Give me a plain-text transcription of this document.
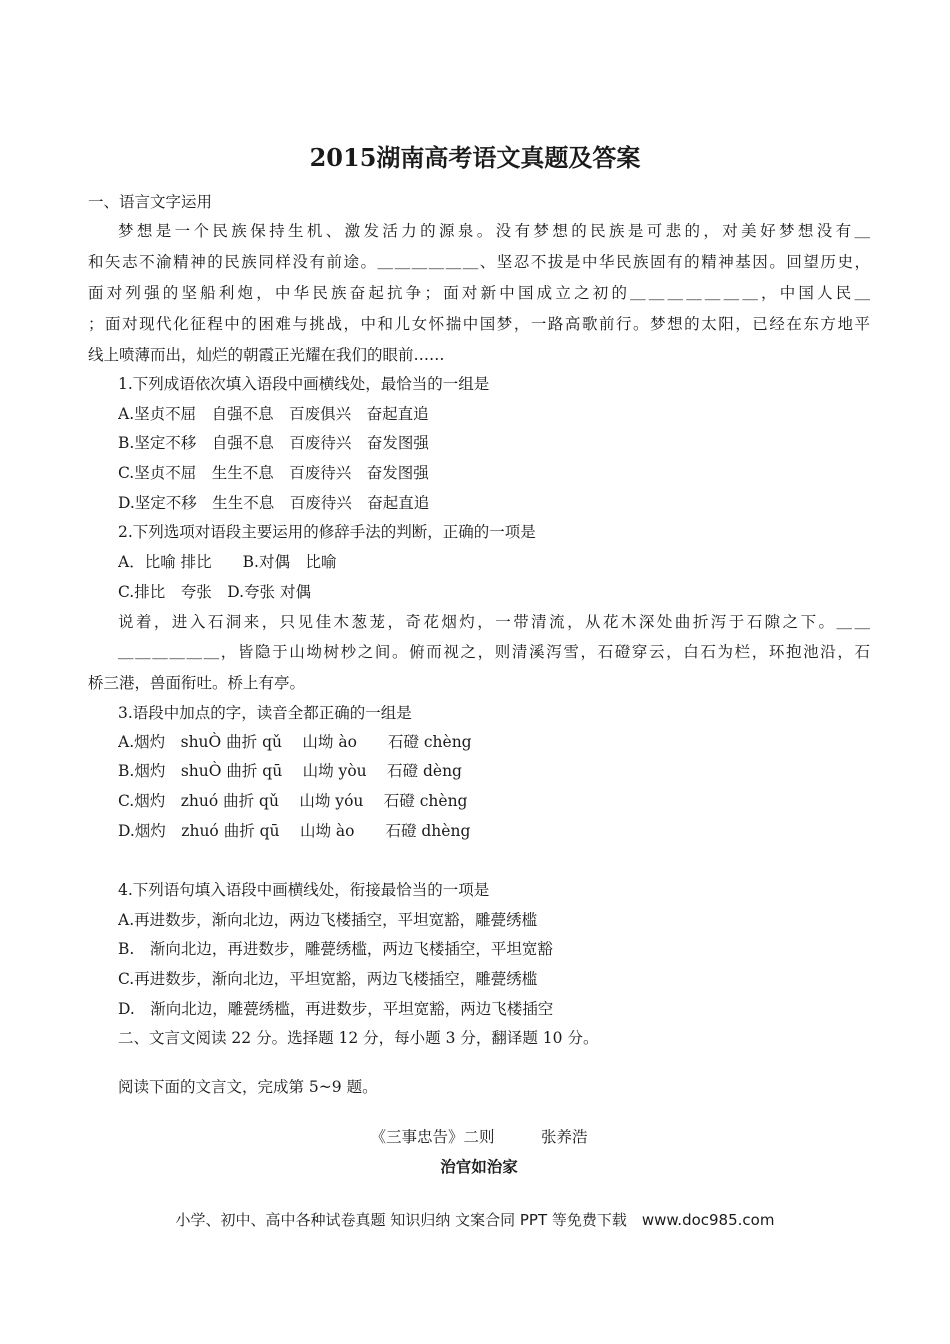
2015湖南高考语文真题及答案
一、语言文字运用
梦想是一个民族保持生机、激发活力的源泉。没有梦想的民族是可悲的，对美好梦想没有＿
和矢志不渝精神的民族同样没有前途。＿＿＿＿＿＿、坚忍不拔是中华民族固有的精神基因。回望历史，
面对列强的坚船利炮，中华民族奋起抗争；面对新中国成立之初的＿＿＿＿＿＿＿，中国人民＿
；面对现代化征程中的困难与挑战，中和儿女怀揣中国梦，一路高歌前行。梦想的太阳，已经在东方地平
线上喷薄而出，灿烂的朝霞正光耀在我们的眼前……
1.下列成语依次填入语段中画横线处，最恰当的一组是
A.坚贞不屈　自强不息　百废俱兴　奋起直追
B.坚定不移　自强不息　百废待兴　奋发图强
C.坚贞不屈　生生不息　百废待兴　奋发图强
D.坚定不移　生生不息　百废待兴　奋起直追
2.下列选项对语段主要运用的修辞手法的判断，正确的一项是
A．比喻 排比　　B.对偶　比喻
C.排比　夸张　D.夸张 对偶
说着，进入石洞来，只见佳木葱茏，奇花烟灼，一带清流，从花木深处曲折泻于石隙之下。＿＿
＿＿＿＿＿＿，皆隐于山坳树杪之间。俯而视之，则清溪泻雪，石磴穿云，白石为栏，环抱池沿，石
桥三港，兽面衔吐。桥上有亭。
3.语段中加点的字，读音全都正确的一组是
A.烟灼　shuÒ 曲折 qǔ　 山坳 ào　　石磴 chèng
B.烟灼　shuÒ 曲折 qū　 山坳 yòu　 石磴 dèng
C.烟灼　zhuó 曲折 qǔ　 山坳 yóu　 石磴 chèng
D.烟灼　zhuó 曲折 qū　 山坳 ào　　石磴 dhèng
4.下列语句填入语段中画横线处，衔接最恰当的一项是
A.再进数步，渐向北边，两边飞楼插空，平坦宽豁，雕甍绣槛
B.　渐向北边，再进数步，雕甍绣槛，两边飞楼插空，平坦宽豁
C.再进数步，渐向北边，平坦宽豁，两边飞楼插空，雕甍绣槛
D.　渐向北边，雕甍绣槛，再进数步，平坦宽豁，两边飞楼插空
二、文言文阅读 22 分。选择题 12 分，每小题 3 分，翻译题 10 分。
阅读下面的文言文，完成第 5~9 题。
《三事忠告》二则　　　张养浩
治官如治家
小学、初中、高中各种试卷真题 知识归纳 文案合同 PPT 等免费下载　www.doc985.com
